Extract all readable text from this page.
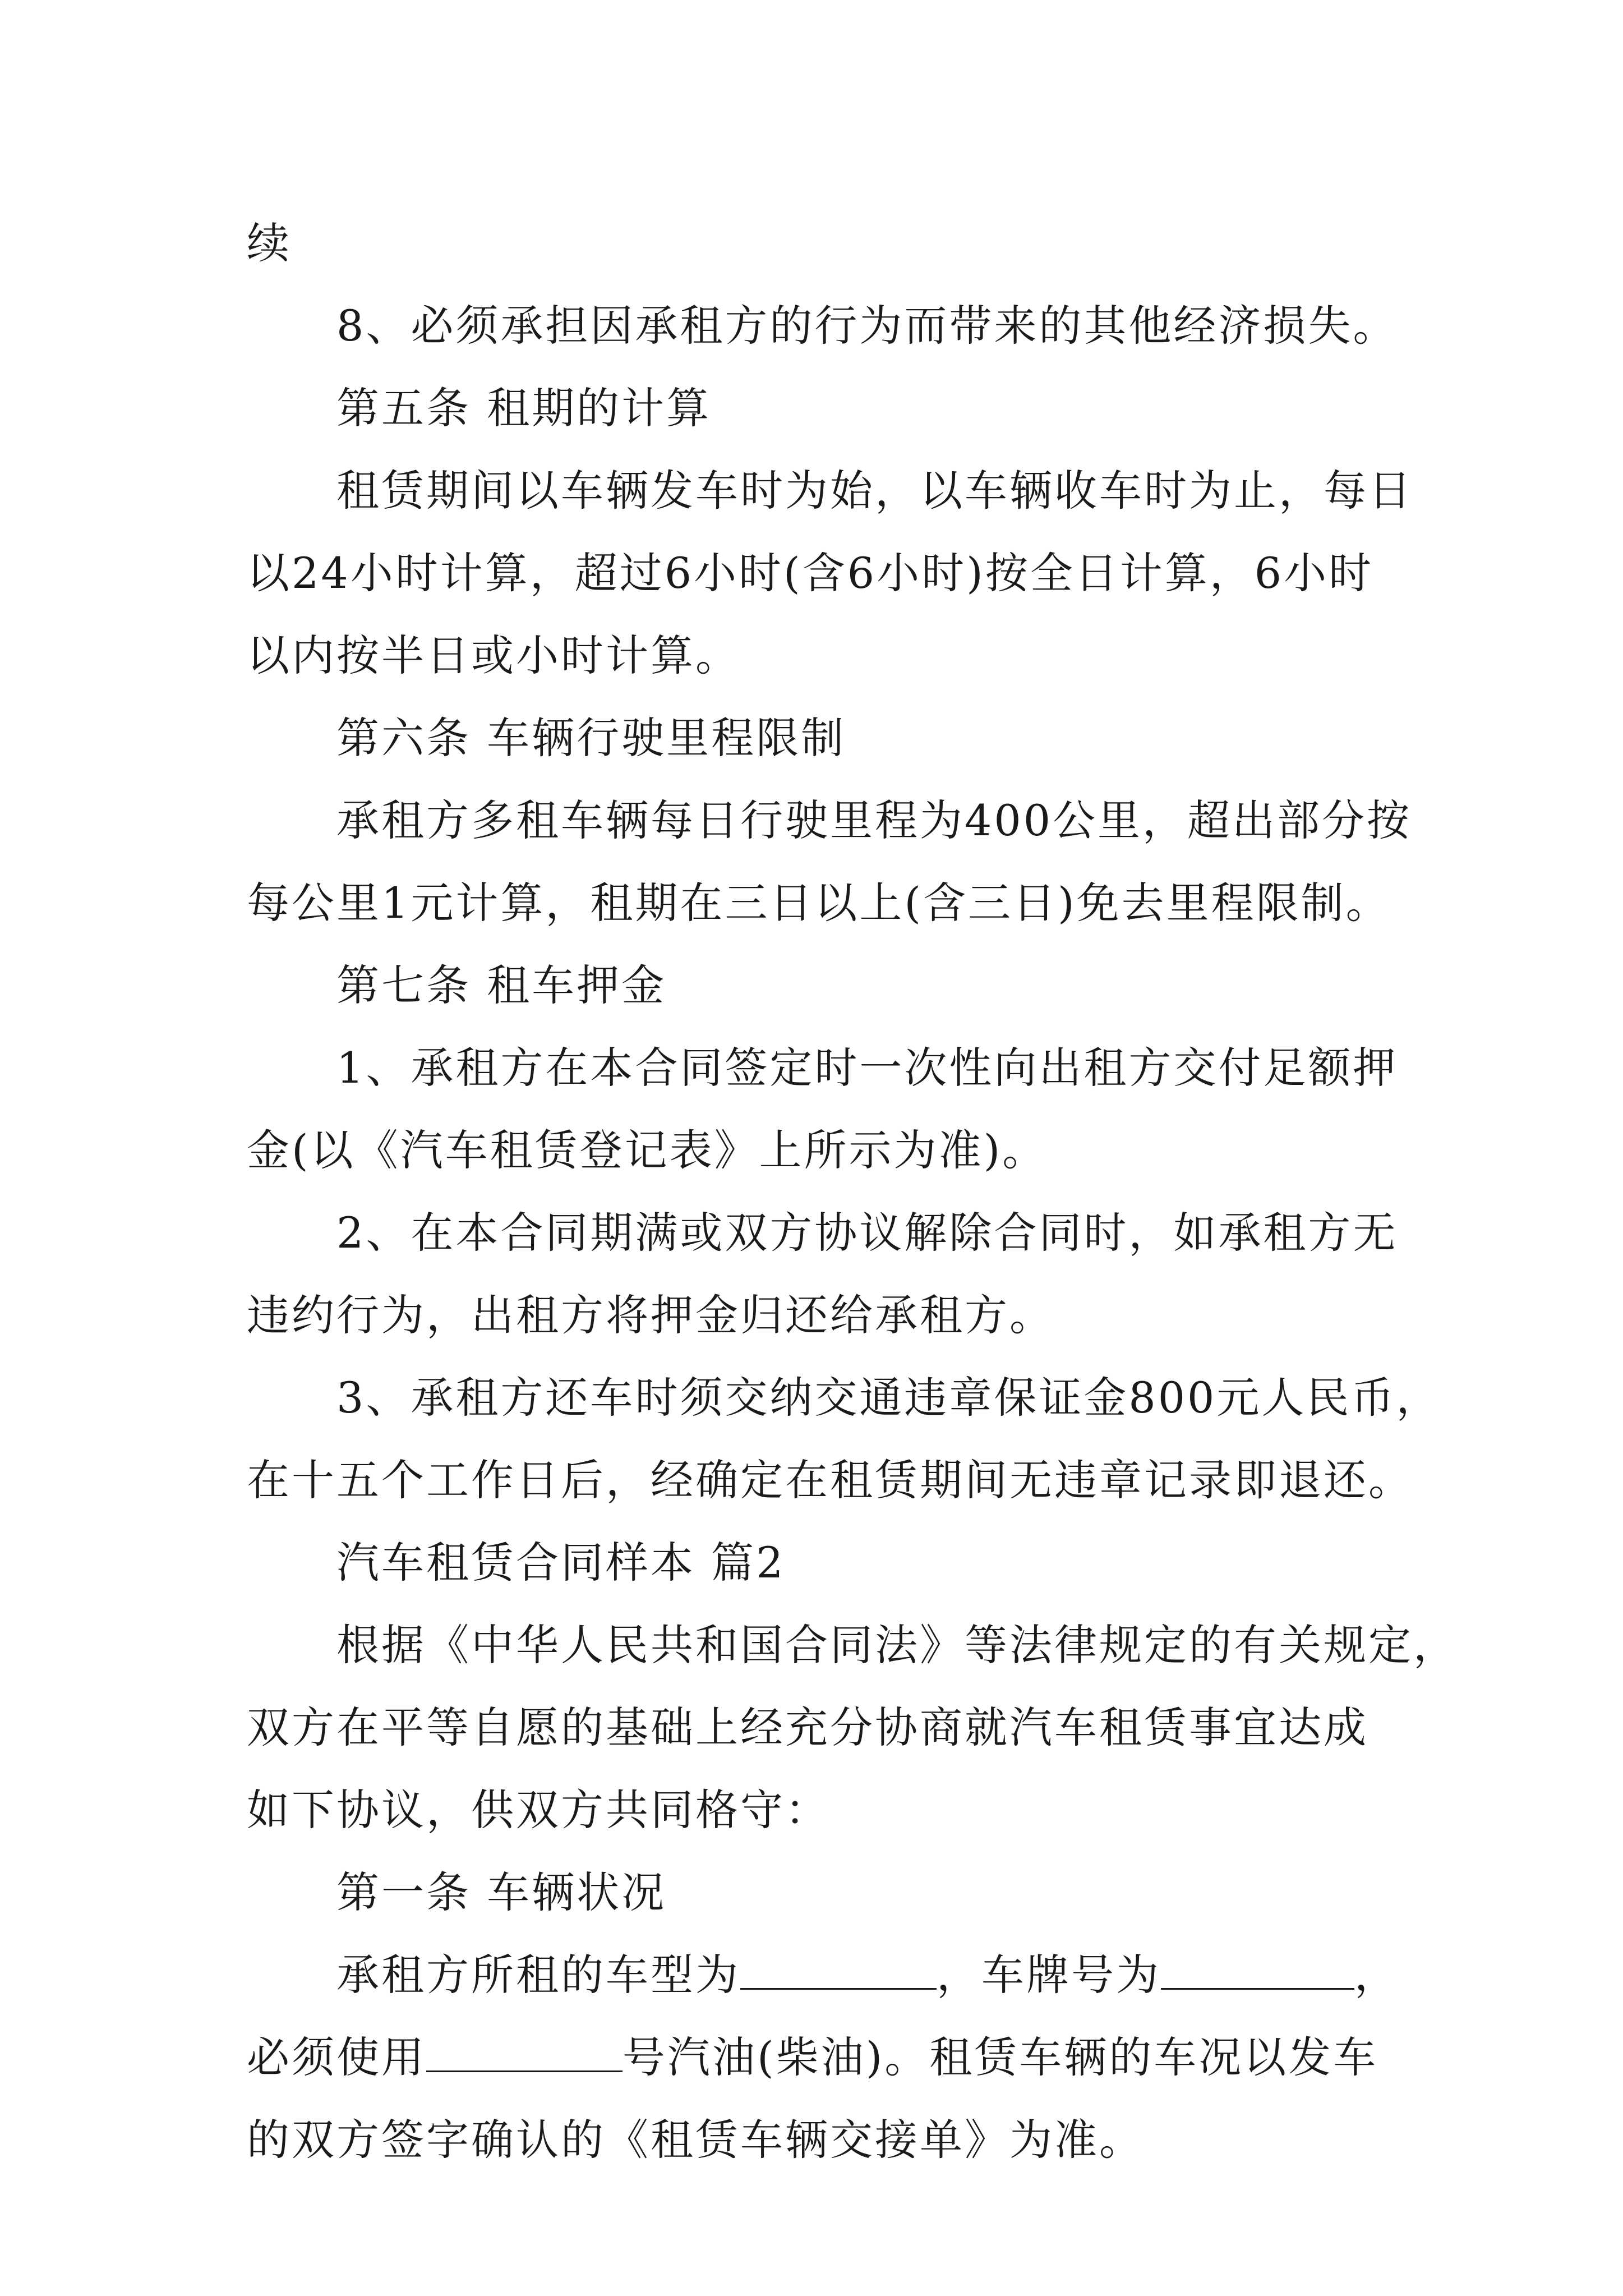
续
8、必须承担因承租方的行为而带来的其他经济损失。
第五条 租期的计算
租赁期间以车辆发车时为始，以车辆收车时为止，每日
以24小时计算，超过6小时(含6小时)按全日计算，6小时
以内按半日或小时计算。
第六条 车辆行驶里程限制
承租方多租车辆每日行驶里程为400公里，超出部分按
每公里1元计算，租期在三日以上(含三日)免去里程限制。
第七条 租车押金
1、承租方在本合同签定时一次性向出租方交付足额押
金(以《汽车租赁登记表》上所示为准)。
2、在本合同期满或双方协议解除合同时，如承租方无
违约行为，出租方将押金归还给承租方。
3、承租方还车时须交纳交通违章保证金800元人民币，
在十五个工作日后，经确定在租赁期间无违章记录即退还。
汽车租赁合同样本 篇2
根据《中华人民共和国合同法》等法律规定的有关规定，
双方在平等自愿的基础上经充分协商就汽车租赁事宜达成
如下协议，供双方共同格守：
第一条 车辆状况
承租方所租的车型为	，车牌号为	，
必须使用	号汽油(柴油)。租赁车辆的车况以发车
的双方签字确认的《租赁车辆交接单》为准。
